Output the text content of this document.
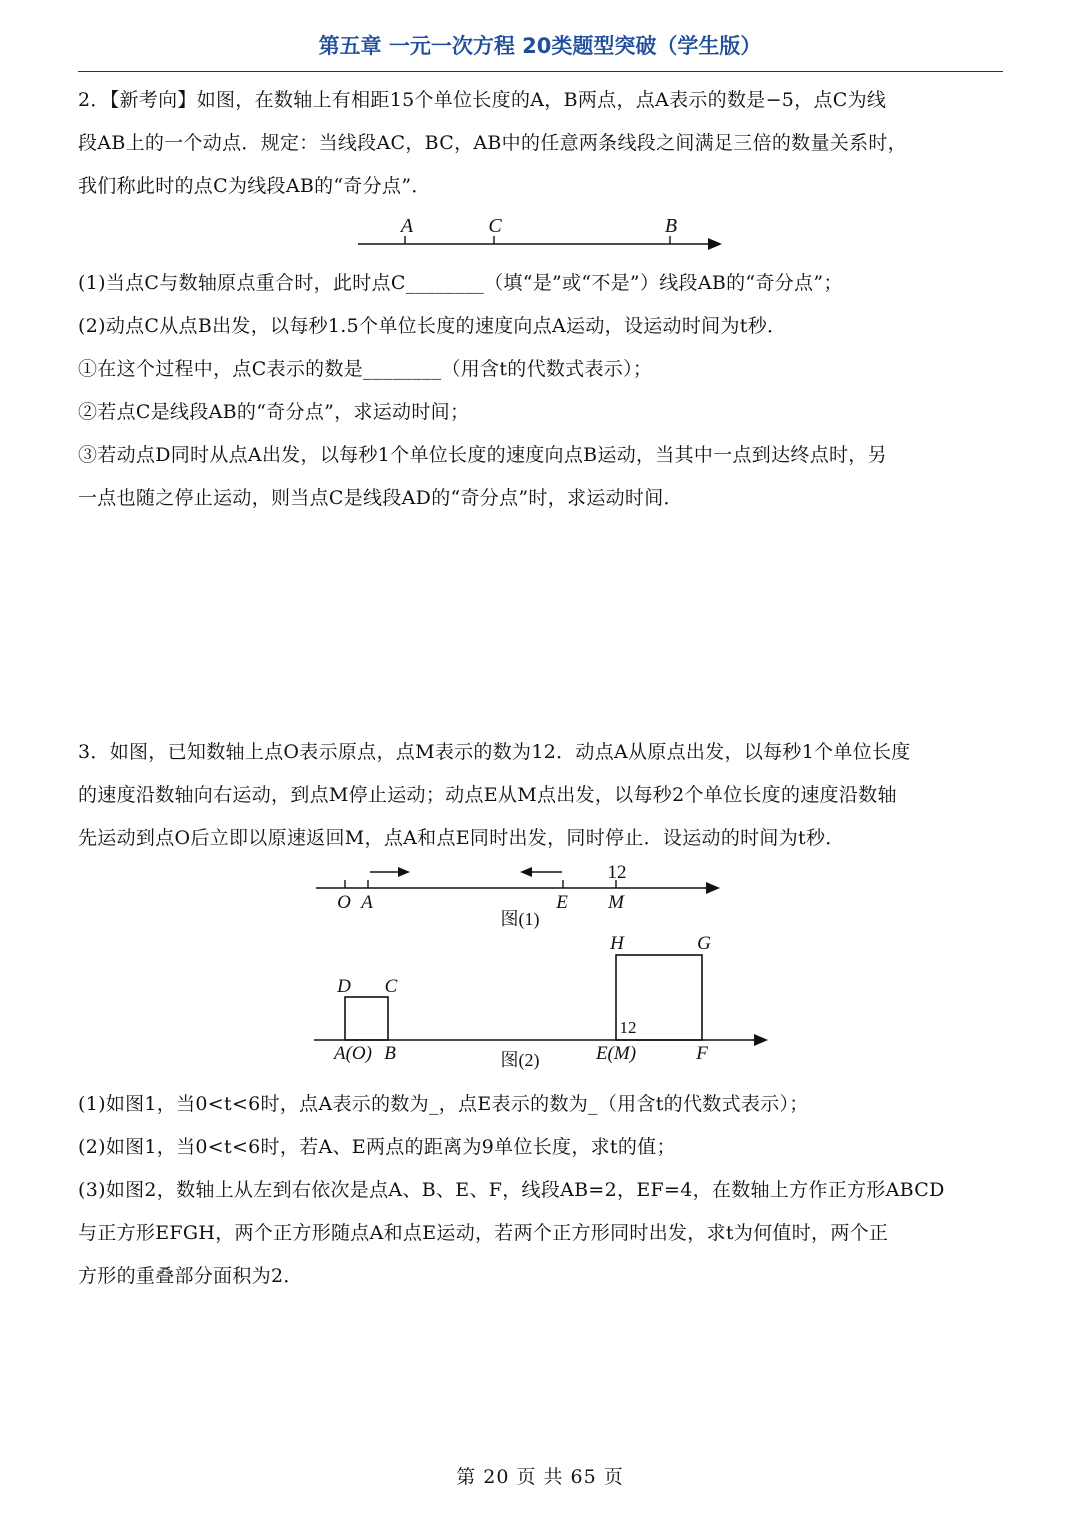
第五章 一元一次方程 20类题型突破（学生版）
2．【新考向】如图，在数轴上有相距15个单位长度的A，B两点，点A表示的数是−5，点C为线
段AB上的一个动点．规定：当线段AC，BC，AB中的任意两条线段之间满足三倍的数量关系时，
我们称此时的点C为线段AB的“奇分点”．
A	C	B
(1)当点C与数轴原点重合时，此时点C________（填“是”或“不是”）线段AB的“奇分点”；
(2)动点C从点B出发，以每秒1.5个单位长度的速度向点A运动，设运动时间为t秒．
①在这个过程中，点C表示的数是________（用含t的代数式表示）；
②若点C是线段AB的“奇分点”，求运动时间；
③若动点D同时从点A出发，以每秒1个单位长度的速度向点B运动，当其中一点到达终点时，另
一点也随之停止运动，则当点C是线段AD的“奇分点”时，求运动时间．
3．如图，已知数轴上点O表示原点，点M表示的数为12．动点A从原点出发，以每秒1个单位长度
的速度沿数轴向右运动，到点M停止运动；动点E从M点出发，以每秒2个单位长度的速度沿数轴
先运动到点O后立即以原速返回M，点A和点E同时出发，同时停止．设运动的时间为t秒．
12
O A	E M
图(1)
D C
H	G
12
A(O) B	E(M)	F
图(2)
(1)如图1，当0<t<6时，点A表示的数为_，点E表示的数为_（用含t的代数式表示）；
(2)如图1，当0<t<6时，若A、E两点的距离为9单位长度，求t的值；
(3)如图2，数轴上从左到右依次是点A、B、E、F，线段AB=2，EF=4，在数轴上方作正方形ABCD
与正方形EFGH，两个正方形随点A和点E运动，若两个正方形同时出发，求t为何值时，两个正
方形的重叠部分面积为2．
第 20 页 共 65 页
